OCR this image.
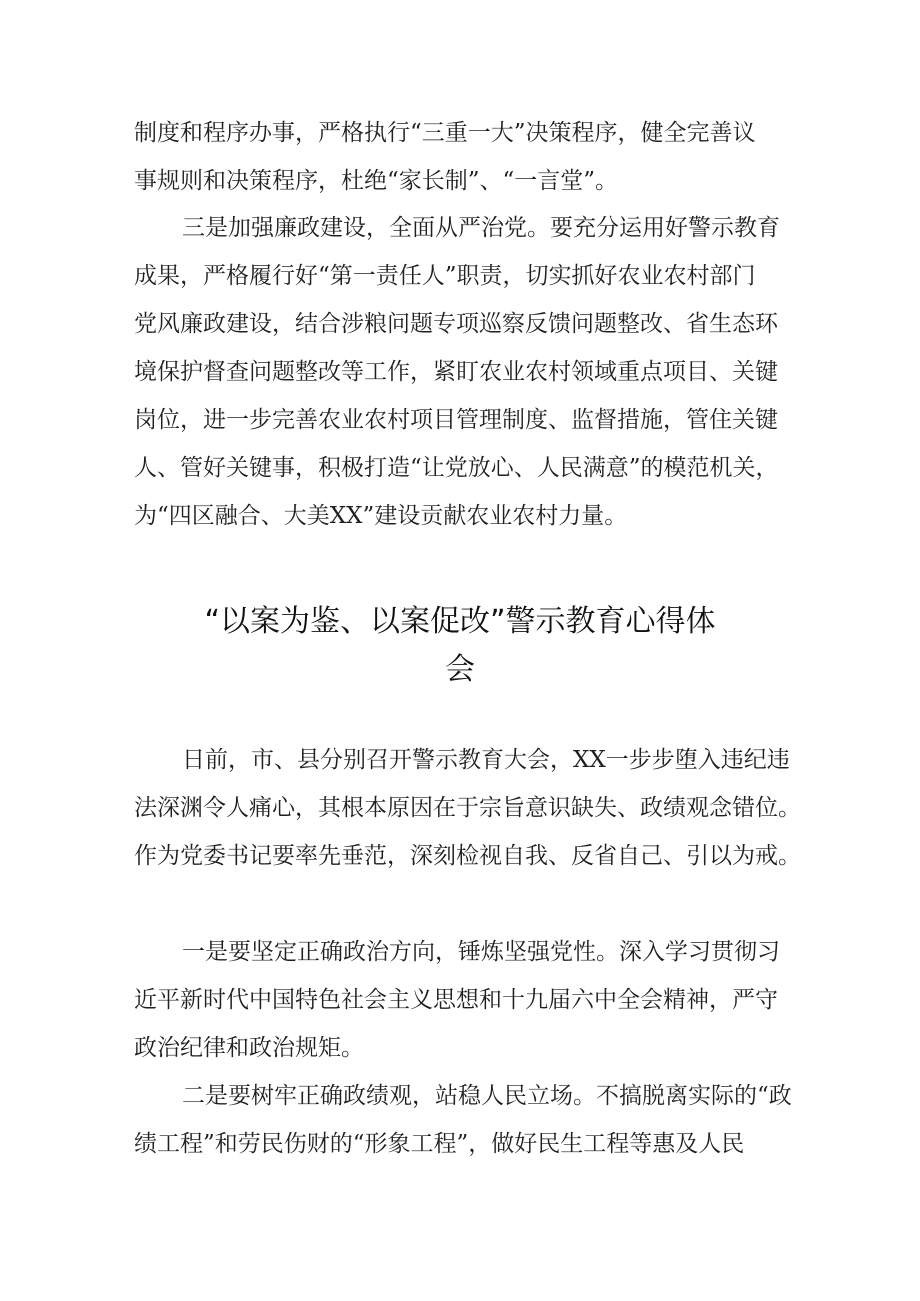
制度和程序办事，严格执行“三重一大”决策程序，健全完善议

事规则和决策程序，杜绝“家长制”、“一言堂”。

三是加强廉政建设，全面从严治党。要充分运用好警示教育

成果，严格履行好“第一责任人”职责，切实抓好农业农村部门

党风廉政建设，结合涉粮问题专项巡察反馈问题整改、省生态环

境保护督查问题整改等工作，紧盯农业农村领域重点项目、关键

岗位，进一步完善农业农村项目管理制度、监督措施，管住关键

人、管好关键事，积极打造“让党放心、人民满意”的模范机关，

为“四区融合、大美XX”建设贡献农业农村力量。

“以案为鉴、以案促改”警示教育心得体
会

日前，市、县分别召开警示教育大会，XX一步步堕入违纪违

法深渊令人痛心，其根本原因在于宗旨意识缺失、政绩观念错位。

作为党委书记要率先垂范，深刻检视自我、反省自己、引以为戒。

一是要坚定正确政治方向，锤炼坚强党性。深入学习贯彻习

近平新时代中国特色社会主义思想和十九届六中全会精神，严守

政治纪律和政治规矩。

二是要树牢正确政绩观，站稳人民立场。不搞脱离实际的“政

绩工程”和劳民伤财的“形象工程”，做好民生工程等惠及人民
